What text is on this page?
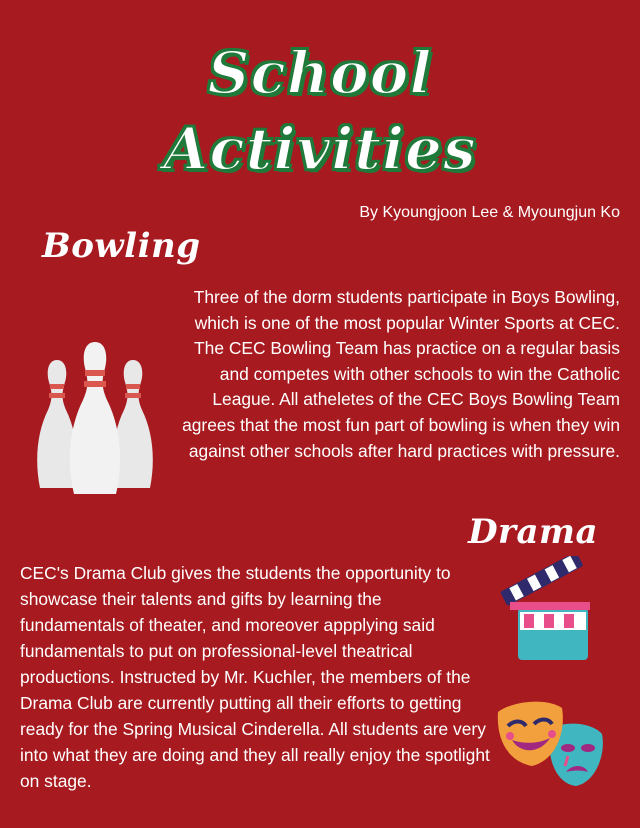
School
Activities
By Kyoungjoon Lee & Myoungjun Ko
Bowling

Three of the dorm students participate in Boys Bowling, which is one of the most popular Winter Sports at CEC. The CEC Bowling Team has practice on a regular basis and competes with other schools to win the Catholic League. All atheletes of the CEC Boys Bowling Team agrees that the most fun part of bowling is when they win against other schools after hard practices with pressure.

Drama

CEC's Drama Club gives the students the opportunity to showcase their talents and gifts by learning the fundamentals of theater, and moreover appplying said fundamentals to put on professional-level theatrical productions. Instructed by Mr. Kuchler, the members of the Drama Club are currently putting all their efforts to getting ready for the Spring Musical Cinderella. All students are very into what they are doing and they all really enjoy the spotlight on stage.
